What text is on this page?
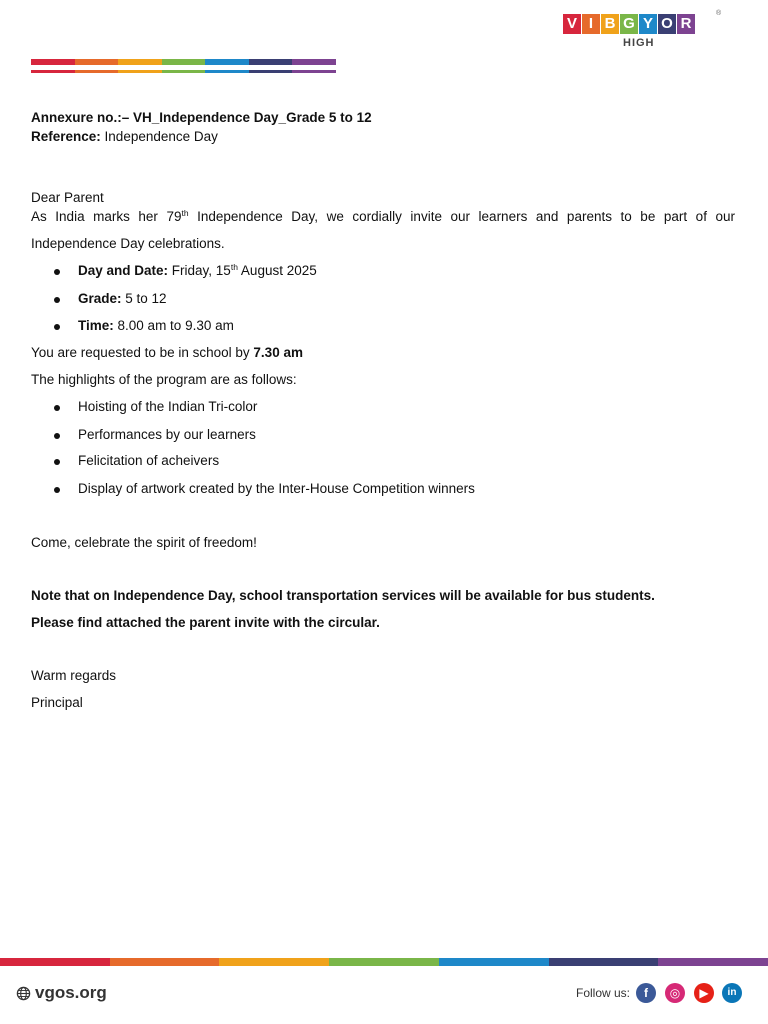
V I B G Y O R
HIGH
®
Annexure no.:– VH_Independence Day_Grade 5 to 12
Reference: Independence Day
Dear Parent
As India marks her 79th Independence Day, we cordially invite our learners and parents to be part of our
Independence Day celebrations.
Day and Date: Friday, 15th August 2025
Grade: 5 to 12
Time: 8.00 am to 9.30 am
You are requested to be in school by 7.30 am
The highlights of the program are as follows:
Hoisting of the Indian Tri-color
Performances by our learners
Felicitation of acheivers
Display of artwork created by the Inter-House Competition winners
Come, celebrate the spirit of freedom!
Note that on Independence Day, school transportation services will be available for bus students.
Please find attached the parent invite with the circular.
Warm regards
Principal
vgos.org	Follow us:	f	◎	▶	in
